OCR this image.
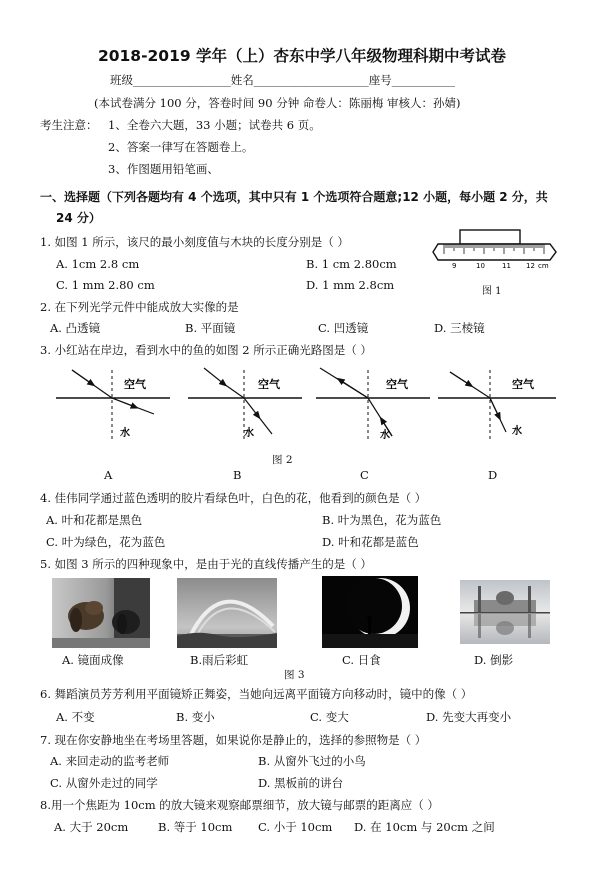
2018-2019 学年（上）杏东中学八年级物理科期中考试卷
班级_________________姓名____________________座号___________
(本试卷满分 100 分，答卷时间 90 分钟 命卷人：陈丽梅 审核人：孙婧)
考生注意： 1、全卷六大题，33 小题；试卷共 6 页。
2、答案一律写在答题卷上。
3、作图题用铅笔画、
一、选择题（下列各题均有 4 个选项，其中只有 1 个选项符合题意;12 小题，每小题 2 分，共
24 分）
1. 如图 1 所示，该尺的最小刻度值与木块的长度分别是（ ）
A. 1cm 2.8 cm	B. 1 cm 2.80cm
C. 1 mm 2.80 cm	D. 1 mm 2.8cm
9	10 11 12 cm
图 1
2. 在下列光学元件中能成放大实像的是
A. 凸透镜	B. 平面镜	C. 凹透镜	D. 三棱镜
3. 小红站在岸边，看到水中的鱼的如图 2 所示正确光路图是（ ）
空气
水
空气
水
空气
水
空气
水
图 2
A	B	C	D
4. 佳伟同学通过蓝色透明的胶片看绿色叶，白色的花，他看到的颜色是（ ）
A. 叶和花都是黑色	B. 叶为黑色，花为蓝色
C. 叶为绿色，花为蓝色	D. 叶和花都是蓝色
5. 如图 3 所示的四种现象中，是由于光的直线传播产生的是（ ）
A. 镜面成像	B.雨后彩虹	C. 日食	D. 倒影
图 3
6. 舞蹈演员芳芳利用平面镜矫正舞姿，当她向远离平面镜方向移动时，镜中的像（ ）
A. 不变	B. 变小	C. 变大	D. 先变大再变小
7. 现在你安静地坐在考场里答题，如果说你是静止的，选择的参照物是（ ）
A. 来回走动的监考老师	B. 从窗外飞过的小鸟
C. 从窗外走过的同学	D. 黑板前的讲台
8.用一个焦距为 10cm 的放大镜来观察邮票细节，放大镜与邮票的距离应（ ）
A. 大于 20cm	B. 等于 10cm C. 小于 10cm D. 在 10cm 与 20cm 之间
